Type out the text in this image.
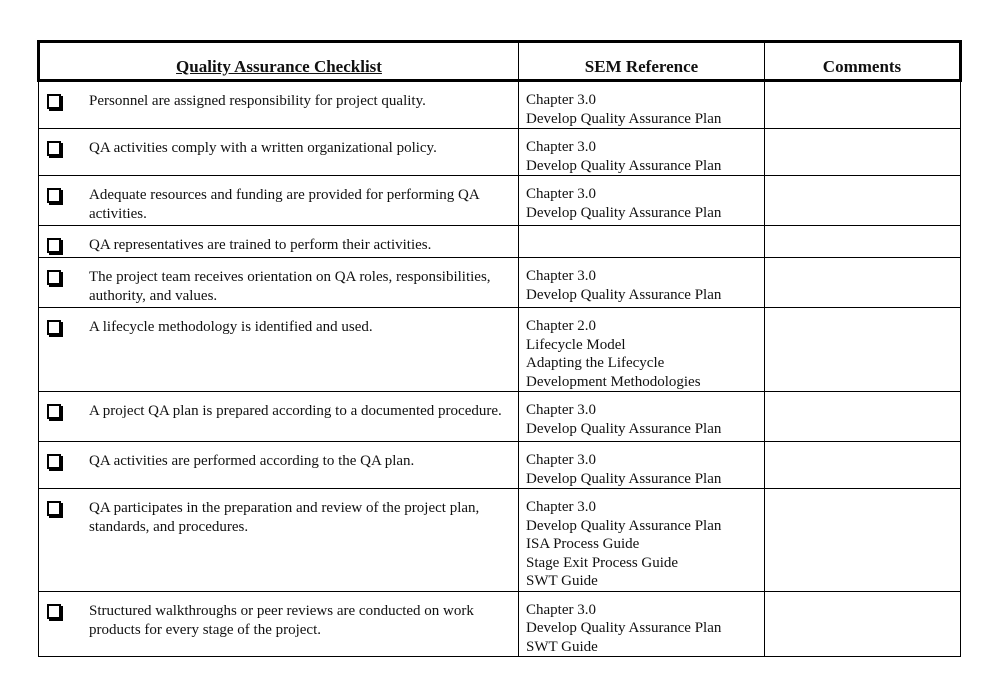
Quality Assurance Checklist	SEM Reference	Comments

Personnel are assigned responsibility for project quality.	Chapter 3.0
Develop Quality Assurance Plan	

QA activities comply with a written organizational policy.	Chapter 3.0
Develop Quality Assurance Plan	

Adequate resources and funding are provided for performing QA activities.	Chapter 3.0
Develop Quality Assurance Plan	

QA representatives are trained to perform their activities.		

The project team receives orientation on QA roles, responsibilities, authority, and values.	Chapter 3.0
Develop Quality Assurance Plan	

A lifecycle methodology is identified and used.	Chapter 2.0
Lifecycle Model
Adapting the Lifecycle
Development Methodologies	

A project QA plan is prepared according to a documented procedure.	Chapter 3.0
Develop Quality Assurance Plan	

QA activities are performed according to the QA plan.	Chapter 3.0
Develop Quality Assurance Plan	

QA participates in the preparation and review of the project plan, standards, and procedures.	Chapter 3.0
Develop Quality Assurance Plan
ISA Process Guide
Stage Exit Process Guide
SWT Guide	

Structured walkthroughs or peer reviews are conducted on work products for every stage of the project.	Chapter 3.0
Develop Quality Assurance Plan
SWT Guide	
